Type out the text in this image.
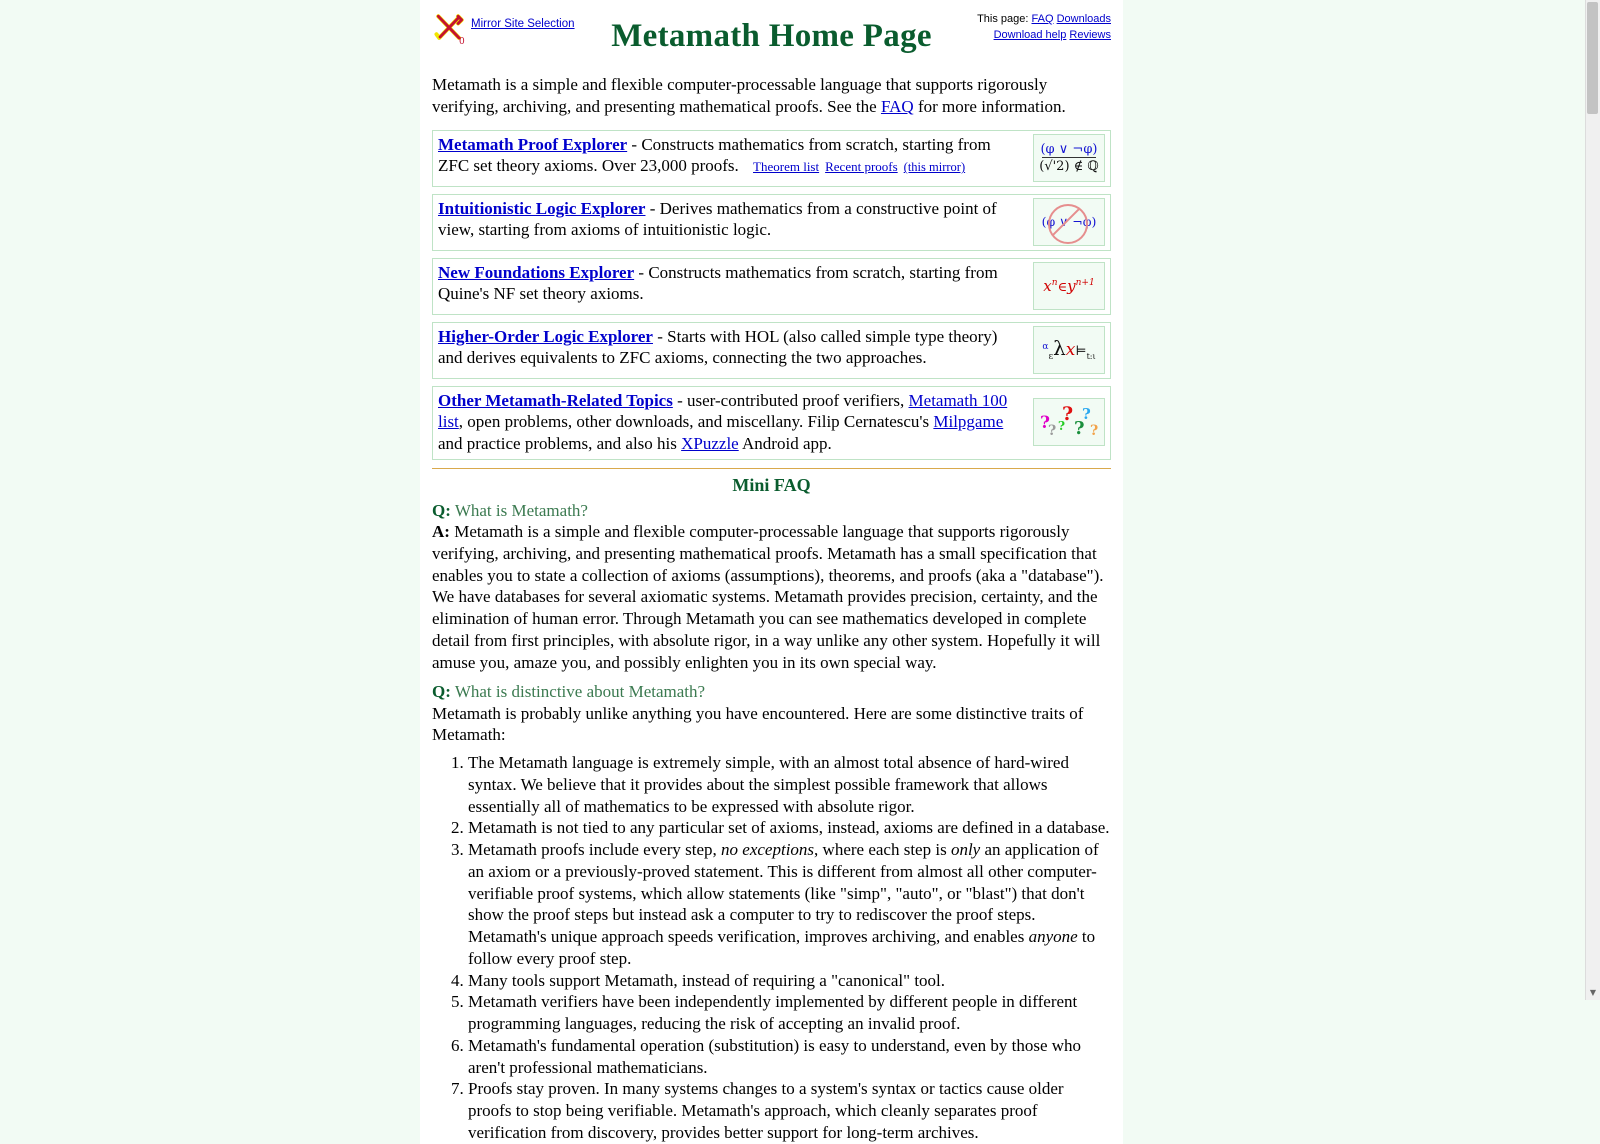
0
Mirror Site Selection	This page: FAQ Downloads
Download help Reviews
Metamath Home Page

Metamath is a simple and flexible computer-processable language that supports rigorously verifying, archiving, and presenting mathematical proofs. See the FAQ for more information.

Metamath Proof Explorer - Constructs mathematics from scratch, starting from ZFC set theory axioms. Over 23,000 proofs. Theorem list Recent proofs (this mirror)
(φ ∨ ¬φ)
(√'2) ∉ ℚ
Intuitionistic Logic Explorer - Derives mathematics from a constructive point of view, starting from axioms of intuitionistic logic.	(φ ∨ ¬φ)
New Foundations Explorer - Constructs mathematics from scratch, starting from Quine's NF set theory axioms.	$x^n\in y^{n+1}$
Higher-Order Logic Explorer - Starts with HOL (also called simple type theory) and derives equivalents to ZFC axioms, connecting the two approaches.
$^\alpha_\varepsilon\lambda x⊨_{t:\iota}$
Other Metamath-Related Topics - user-contributed proof verifiers, Metamath 100 list, open problems, other downloads, and miscellany. Filip Cernatescu's Milpgame and practice problems, and also his XPuzzle Android app.
?
? ?
?
?
?
?
Mini FAQ
Q: What is Metamath?
A: Metamath is a simple and flexible computer-processable language that supports rigorously verifying, archiving, and presenting mathematical proofs. Metamath has a small specification that enables you to state a collection of axioms (assumptions), theorems, and proofs (aka a "database"). We have databases for several axiomatic systems. Metamath provides precision, certainty, and the elimination of human error. Through Metamath you can see mathematics developed in complete detail from first principles, with absolute rigor, in a way unlike any other system. Hopefully it will amuse you, amaze you, and possibly enlighten you in its own special way.
Q: What is distinctive about Metamath?
Metamath is probably unlike anything you have encountered. Here are some distinctive traits of Metamath:
1. The Metamath language is extremely simple, with an almost total absence of hard-wired syntax. We believe that it provides about the simplest possible framework that allows essentially all of mathematics to be expressed with absolute rigor.
2. Metamath is not tied to any particular set of axioms, instead, axioms are defined in a database.
3. Metamath proofs include every step, no exceptions, where each step is only an application of an axiom or a previously-proved statement. This is different from almost all other computer-verifiable proof systems, which allow statements (like "simp", "auto", or "blast") that don't show the proof steps but instead ask a computer to try to rediscover the proof steps. Metamath's unique approach speeds verification, improves archiving, and enables anyone to follow every proof step.
4. Many tools support Metamath, instead of requiring a "canonical" tool.
5. Metamath verifiers have been independently implemented by different people in different programming languages, reducing the risk of accepting an invalid proof.
6. Metamath's fundamental operation (substitution) is easy to understand, even by those who aren't professional mathematicians.
7. Proofs stay proven. In many systems changes to a system's syntax or tactics cause older proofs to stop being verifiable. Metamath's approach, which cleanly separates proof verification from discovery, provides better support for long-term archives.
▼
